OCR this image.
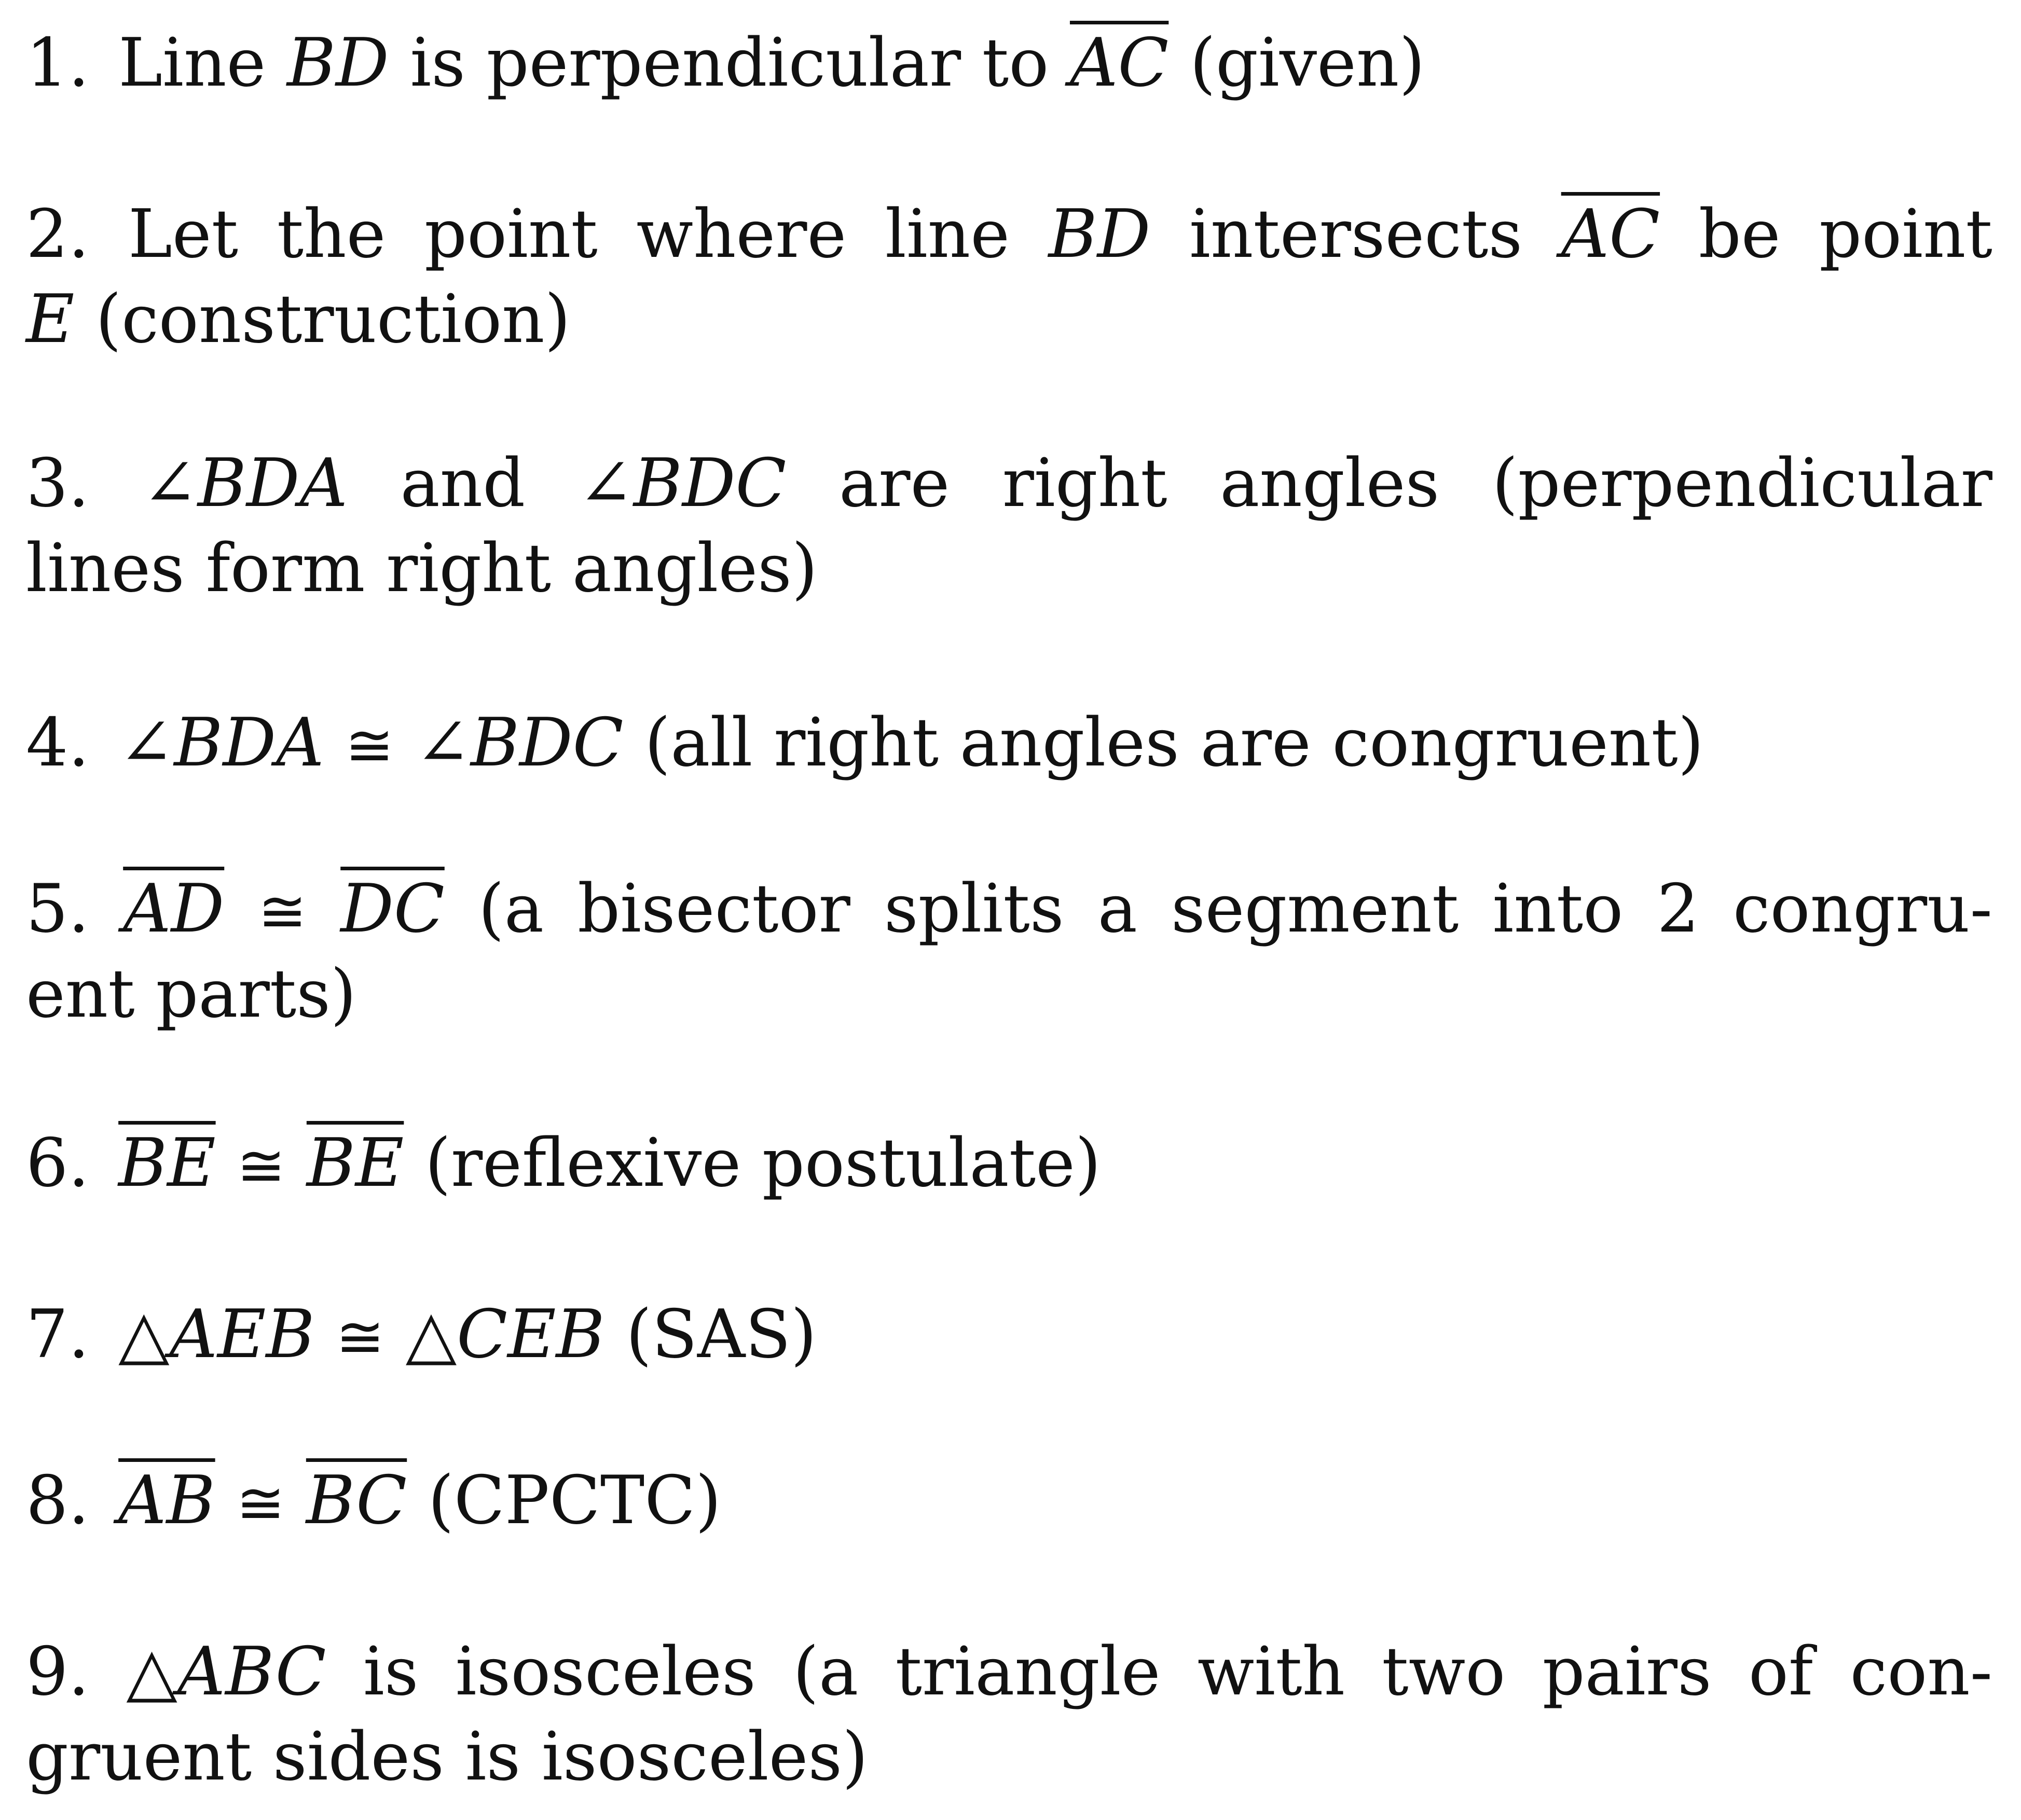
1. Line BD is perpendicular to $\overline{AC}$ (given)
2. Let the point where line BD intersects $\overline{AC}$ be point
E (construction)
3. ∠BDA and ∠BDC are right angles (perpendicular
lines form right angles)
4. ∠BDA ≅ ∠BDC (all right angles are congruent)
5. $\overline{AD}$ ≅ $\overline{DC}$ (a bisector splits a segment into 2 congru-
ent parts)
6. $\overline{BE}$ ≅ $\overline{BE}$ (reflexive postulate)
7. △AEB ≅ △CEB (SAS)
8. $\overline{AB}$ ≅ $\overline{BC}$ (CPCTC)
9. △ABC is isosceles (a triangle with two pairs of con-
gruent sides is isosceles)
